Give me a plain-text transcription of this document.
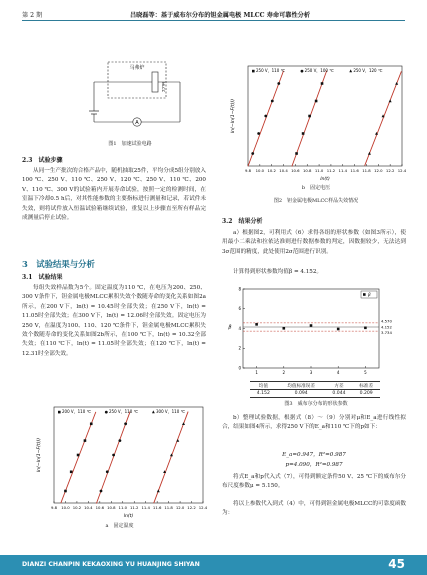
第 2 期	吕晓磊等：基于威布尔分布的钽金属电极 MLCC 寿命可靠性分析
马弗炉
MLCC
A
图1　加速试验电路
2.3　试验步骤

从同一生产批次的合格产品中，随机抽取25件，平均分成5组分别放入100 ℃、250 V、110 ℃、250 V、120 ℃、250 V、110 ℃、200 V、110 ℃、300 V的试验箱内开展寿命试验，按照一定的检测时间，在室温下冷却0.5 h后，对其性能参数的主要指标进行测量和记录，若试件未失效，则将试件放入恒温试验箱继续试验，重复以上步骤直至所有样品完成测量后停止试验。

3　试验结果与分析
3.1　试验结果

每组失效样品数为5个。固定温度为110 ℃，在电压为200、250、300 V条件下，钽金属电极MLCC累积失效个数随寿命的变化关系如图2a所示，在200 V下，ln(t) = 10.45时全部失效；在250 V下，ln(t) = 11.05时全部失效；在300 V下，ln(t) = 12.06时全部失效。固定电压为250 V，在温度为100、110、120 ℃条件下，钽金属电极MLCC累积失效个数随寿命的变化关系如图2b所示，在100 ℃下，ln(t) = 10.32全部失效；在110 ℃下，ln(t) = 11.05时全部失效；在120 ℃下，ln(t) = 12.31时全部失效。

9.8 10.0 10.2 10.4 10.6 10.8 11.0 11.2 11.4 11.6 11.8 12.0 12.2 12.4
ln(t)
ln(−ln(1−F(t)))
200 V，110 ℃	250 V，110 ℃	300 V，110 ℃
a　固定温度
9.8 10.0 10.2 10.4 10.6 10.8 11.0 11.2 11.4 11.6 11.8 12.0 12.2 12.4
ln(t)
ln(−ln(1−F(t)))
250 V，110 ℃	250 V，100 ℃	250 V，120 ℃
b　固定电压
图2　钽金属电极MLCC样品失效情况
3.2　结果分析

a）根据图2，可利用式（6）求得各组的形状参数（如图3所示），使用最小二乘法和拉依达准则进行数据参数的判定，因数据较少，无法达到3σ范围的精度，此处使用2σ范围进行识别。

计算得到形状参数均值β = 4.152。

0
2
4
6
8
1	2	3	4	5
β
4.570
4.152
3.734
β
均值	均值标准误差	方差	标准差
4.152	0.094	0.044	0.209
图3　威布尔分布的形状参数

b）整理试验数据，根据式（8）～（9）分别对μ和E_a进行线性拟合，结果如图4所示，求得250 V下的E_a和110 ℃下的p如下：

E_a=0.947，R²=0.987
p=4.090，R²=0.987

将式E_a和p代入式（7），可得到额定条件50 V、25 ℃下的威布尔分布尺度参数μ = 5.150。

将以上参数代入到式（4）中，可得到钽金属电极MLCC的可靠度函数为：

DIANZI CHANPIN KEKAOXING YU HUANJING SHIYAN	45
